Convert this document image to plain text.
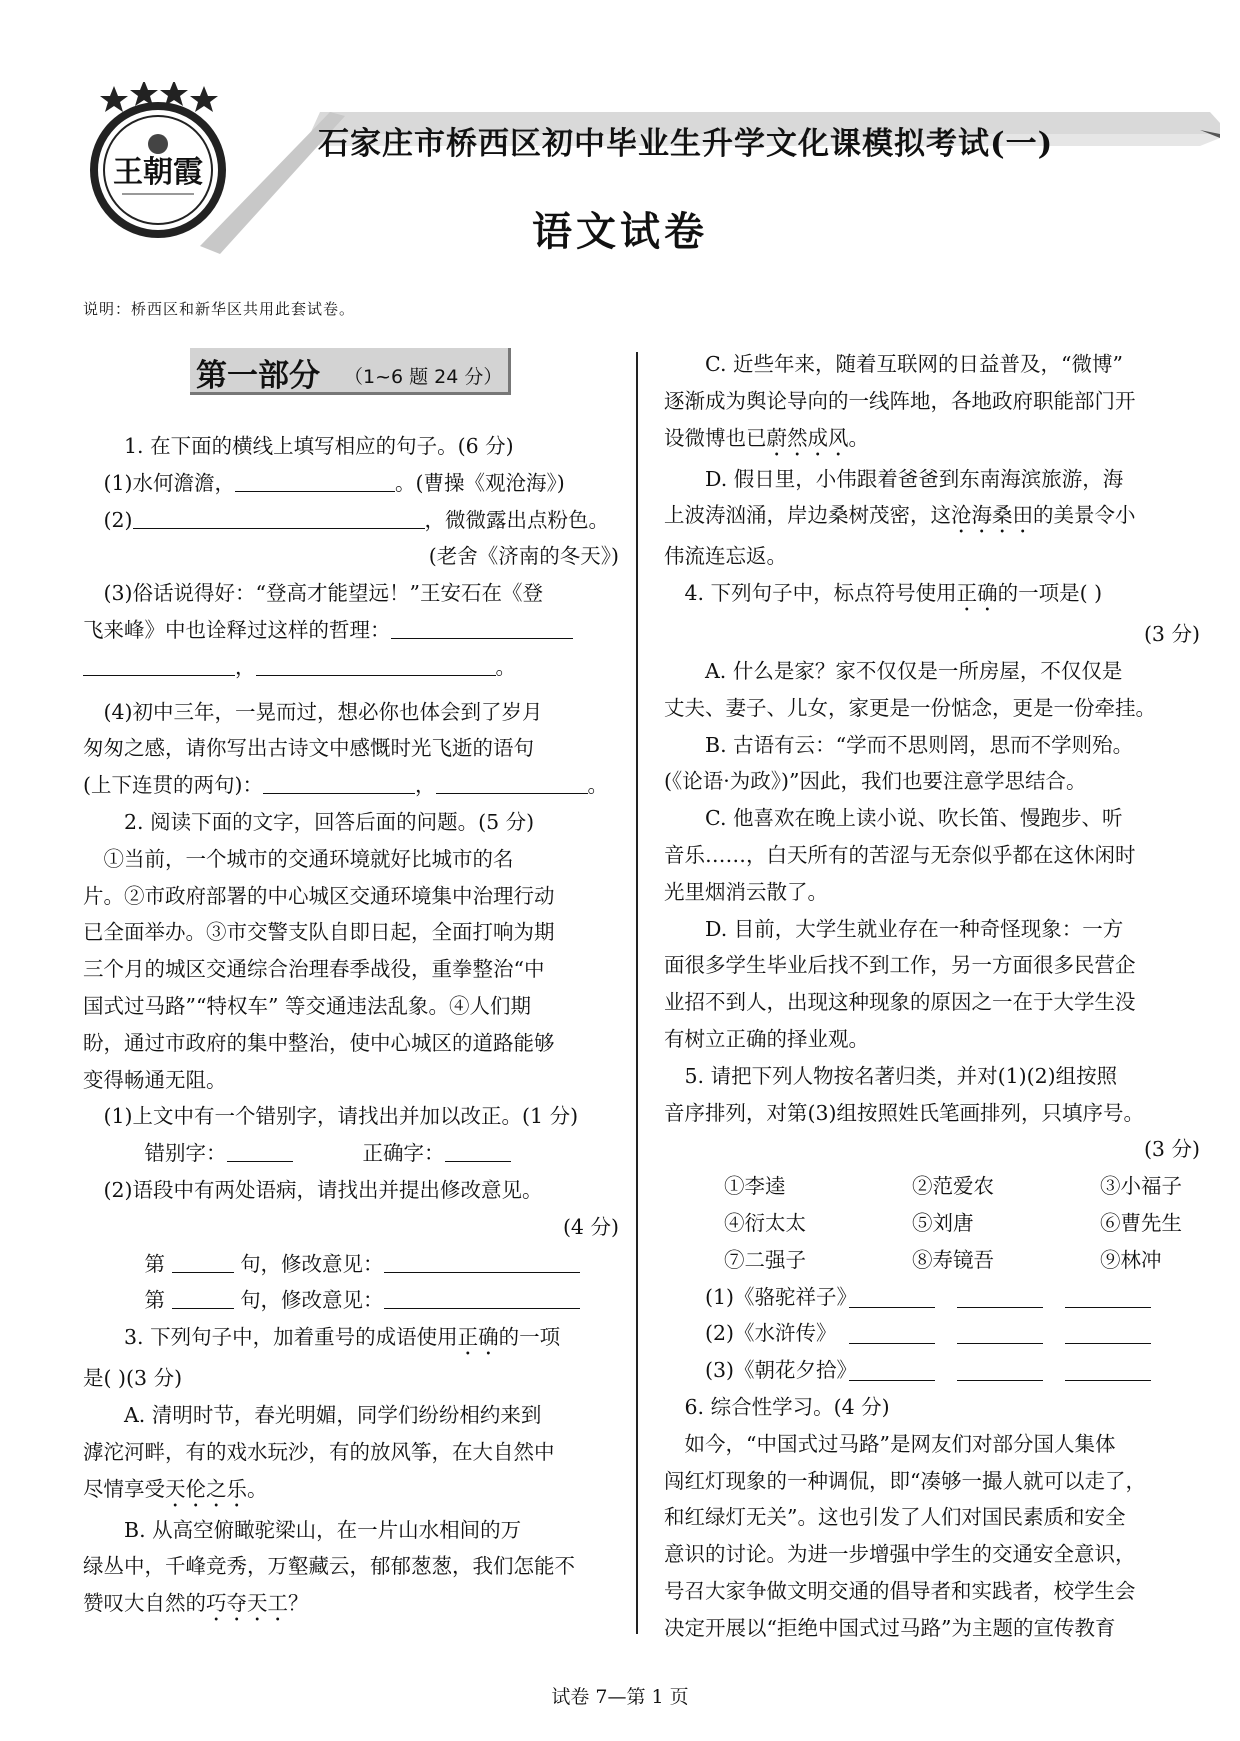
王朝霞
石家庄市桥西区初中毕业生升学文化课模拟考试(一)
语文试卷
说明：桥西区和新华区共用此套试卷。
第一部分 （1~6 题 24 分）

1. 在下面的横线上填写相应的句子。(6 分)

(1)水何澹澹，	。(曹操《观沧海》)

(2)	，微微露出点粉色。

(老舍《济南的冬天》)

(3)俗话说得好：“登高才能望远！”王安石在《登

飞来峰》中也诠释过这样的哲理：

，	。

(4)初中三年，一晃而过，想必你也体会到了岁月

匆匆之感，请你写出古诗文中感慨时光飞逝的语句

(上下连贯的两句)：	，	。

2. 阅读下面的文字，回答后面的问题。(5 分)

①当前，一个城市的交通环境就好比城市的名

片。②市政府部署的中心城区交通环境集中治理行动

已全面举办。③市交警支队自即日起，全面打响为期

三个月的城区交通综合治理春季战役，重拳整治“中

国式过马路”“特权车” 等交通违法乱象。④人们期

盼，通过市政府的集中整治，使中心城区的道路能够

变得畅通无阻。

(1)上文中有一个错别字，请找出并加以改正。(1 分)

错别字：	正确字：

(2)语段中有两处语病，请找出并提出修改意见。

(4 分)

第	句，修改意见：

第	句，修改意见：

3. 下列句子中，加着重号的成语使用正确的一项

是( )(3 分)

A. 清明时节，春光明媚，同学们纷纷相约来到

滹沱河畔，有的戏水玩沙，有的放风筝，在大自然中

尽情享受天伦之乐。

B. 从高空俯瞰驼梁山，在一片山水相间的万

绿丛中，千峰竞秀，万壑藏云，郁郁葱葱，我们怎能不

赞叹大自然的巧夺天工？

C. 近些年来，随着互联网的日益普及，“微博”

逐渐成为舆论导向的一线阵地，各地政府职能部门开

设微博也已蔚然成风。

D. 假日里，小伟跟着爸爸到东南海滨旅游，海

上波涛汹涌，岸边桑树茂密，这沧海桑田的美景令小

伟流连忘返。

4. 下列句子中，标点符号使用正确的一项是( )

(3 分)

A. 什么是家？家不仅仅是一所房屋，不仅仅是

丈夫、妻子、儿女，家更是一份惦念，更是一份牵挂。

B. 古语有云：“学而不思则罔，思而不学则殆。

(《论语·为政》)”因此，我们也要注意学思结合。

C. 他喜欢在晚上读小说、吹长笛、慢跑步、听

音乐……，白天所有的苦涩与无奈似乎都在这休闲时

光里烟消云散了。

D. 目前，大学生就业存在一种奇怪现象：一方

面很多学生毕业后找不到工作，另一方面很多民营企

业招不到人，出现这种现象的原因之一在于大学生没

有树立正确的择业观。

5. 请把下列人物按名著归类，并对(1)(2)组按照

音序排列，对第(3)组按照姓氏笔画排列，只填序号。

(3 分)

①李逵	②范爱农	③小福子
④衍太太	⑤刘唐	⑥曹先生
⑦二强子	⑧寿镜吾	⑨林冲

(1)《骆驼祥子》

(2)《水浒传》

(3)《朝花夕拾》

6. 综合性学习。(4 分)

如今，“中国式过马路”是网友们对部分国人集体

闯红灯现象的一种调侃，即“凑够一撮人就可以走了，

和红绿灯无关”。这也引发了人们对国民素质和安全

意识的讨论。为进一步增强中学生的交通安全意识，

号召大家争做文明交通的倡导者和实践者，校学生会

决定开展以“拒绝中国式过马路”为主题的宣传教育

试卷 7—第 1 页
